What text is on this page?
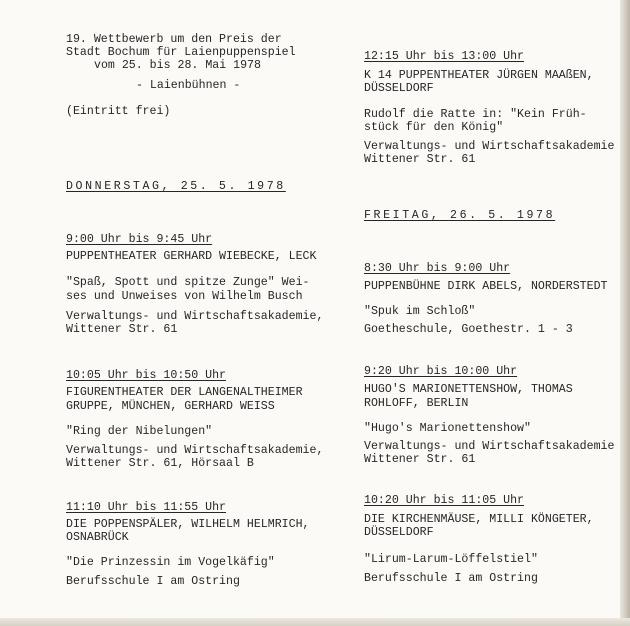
19. Wettbewerb um den Preis der
Stadt Bochum für Laienpuppenspiel
vom 25. bis 28. Mai 1978
- Laienbühnen -
(Eintritt frei)
DONNERSTAG, 25. 5. 1978
9:00 Uhr bis 9:45 Uhr
PUPPENTHEATER GERHARD WIEBECKE, LECK
"Spaß, Spott und spitze Zunge" Wei-
ses und Unweises von Wilhelm Busch
Verwaltungs- und Wirtschaftsakademie,
Wittener Str. 61
10:05 Uhr bis 10:50 Uhr
FIGURENTHEATER DER LANGENALTHEIMER
GRUPPE, MÜNCHEN, GERHARD WEISS
"Ring der Nibelungen"
Verwaltungs- und Wirtschaftsakademie,
Wittener Str. 61, Hörsaal B
11:10 Uhr bis 11:55 Uhr
DIE POPPENSPÄLER, WILHELM HELMRICH,
OSNABRÜCK
"Die Prinzessin im Vogelkäfig"
Berufsschule I am Ostring
12:15 Uhr bis 13:00 Uhr
K 14 PUPPENTHEATER JÜRGEN MAAßEN,
DÜSSELDORF
Rudolf die Ratte in: "Kein Früh-
stück für den König"
Verwaltungs- und Wirtschaftsakademie
Wittener Str. 61
FREITAG, 26. 5. 1978
8:30 Uhr bis 9:00 Uhr
PUPPENBÜHNE DIRK ABELS, NORDERSTEDT
"Spuk im Schloß"
Goetheschule, Goethestr. 1 - 3
9:20 Uhr bis 10:00 Uhr
HUGO'S MARIONETTENSHOW, THOMAS
ROHLOFF, BERLIN
"Hugo's Marionettenshow"
Verwaltungs- und Wirtschaftsakademie
Wittener Str. 61
10:20 Uhr bis 11:05 Uhr
DIE KIRCHENMÄUSE, MILLI KÖNGETER,
DÜSSELDORF
"Lirum-Larum-Löffelstiel"
Berufsschule I am Ostring
